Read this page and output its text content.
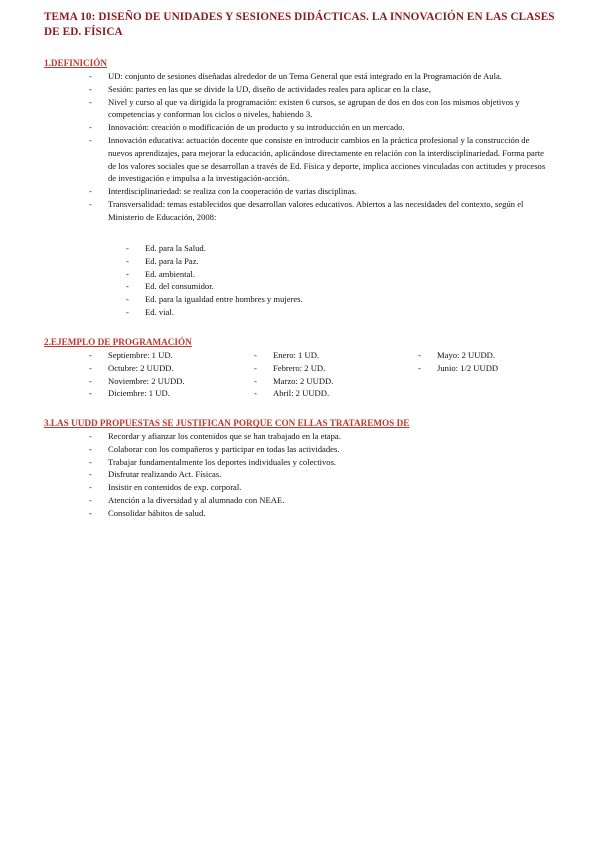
TEMA 10: DISEÑO DE UNIDADES Y SESIONES DIDÁCTICAS. LA INNOVACIÓN EN LAS CLASES DE ED. FÍSICA
1.DEFINICIÓN
- UD: conjunto de sesiones diseñadas alrededor de un Tema General que está integrado en la Programación de Aula.
- Sesión: partes en las que se divide la UD, diseño de actividades reales para aplicar en la clase,
- Nivel y curso al que va dirigida la programación: existen 6 cursos, se agrupan de dos en dos con los mismos objetivos y competencias y conforman los ciclos o niveles, habiendo 3.
- Innovación: creación o modificación de un producto y su introducción en un mercado.
- Innovación educativa: actuación docente que consiste en introducir cambios en la práctica profesional y la construcción de nuevos aprendizajes, para mejorar la educación, aplicándose directamente en relación con la interdisciplinariedad. Forma parte de los valores sociales que se desarrollan a través de Ed. Física y deporte, implica acciones vinculadas con actitudes y procesos de investigación e impulsa a la investigación-acción.
- Interdisciplinariedad: se realiza con la cooperación de varias disciplinas.
- Transversalidad: temas establecidos que desarrollan valores educativos. Abiertos a las necesidades del contexto, según el Ministerio de Educación, 2008:
- Ed. para la Salud.
- Ed. para la Paz.
- Ed. ambiental.
- Ed. del consumidor.
- Ed. para la igualdad entre hombres y mujeres.
- Ed. vial.
2.EJEMPLO DE PROGRAMACIÓN
- Septiembre: 1 UD.
- Octubre: 2 UUDD.
- Noviembre: 2 UUDD.
- Diciembre: 1 UD.
- Enero: 1 UD.
- Febrero: 2 UD.
- Marzo: 2 UUDD.
- Abril: 2 UUDD.
- Mayo: 2 UUDD.
- Junio: 1/2 UUDD
3.LAS UUDD PROPUESTAS SE JUSTIFICAN PORQUE CON ELLAS TRATAREMOS DE
- Recordar y afianzar los contenidos que se han trabajado en la etapa.
- Colaborar con los compañeros y participar en todas las actividades.
- Trabajar fundamentalmente los deportes individuales y colectivos.
- Disfrutar realizando Act. Físicas.
- Insistir en contenidos de exp. corporal.
- Atención a la diversidad y al alumnado con NEAE.
- Consolidar hábitos de salud.
